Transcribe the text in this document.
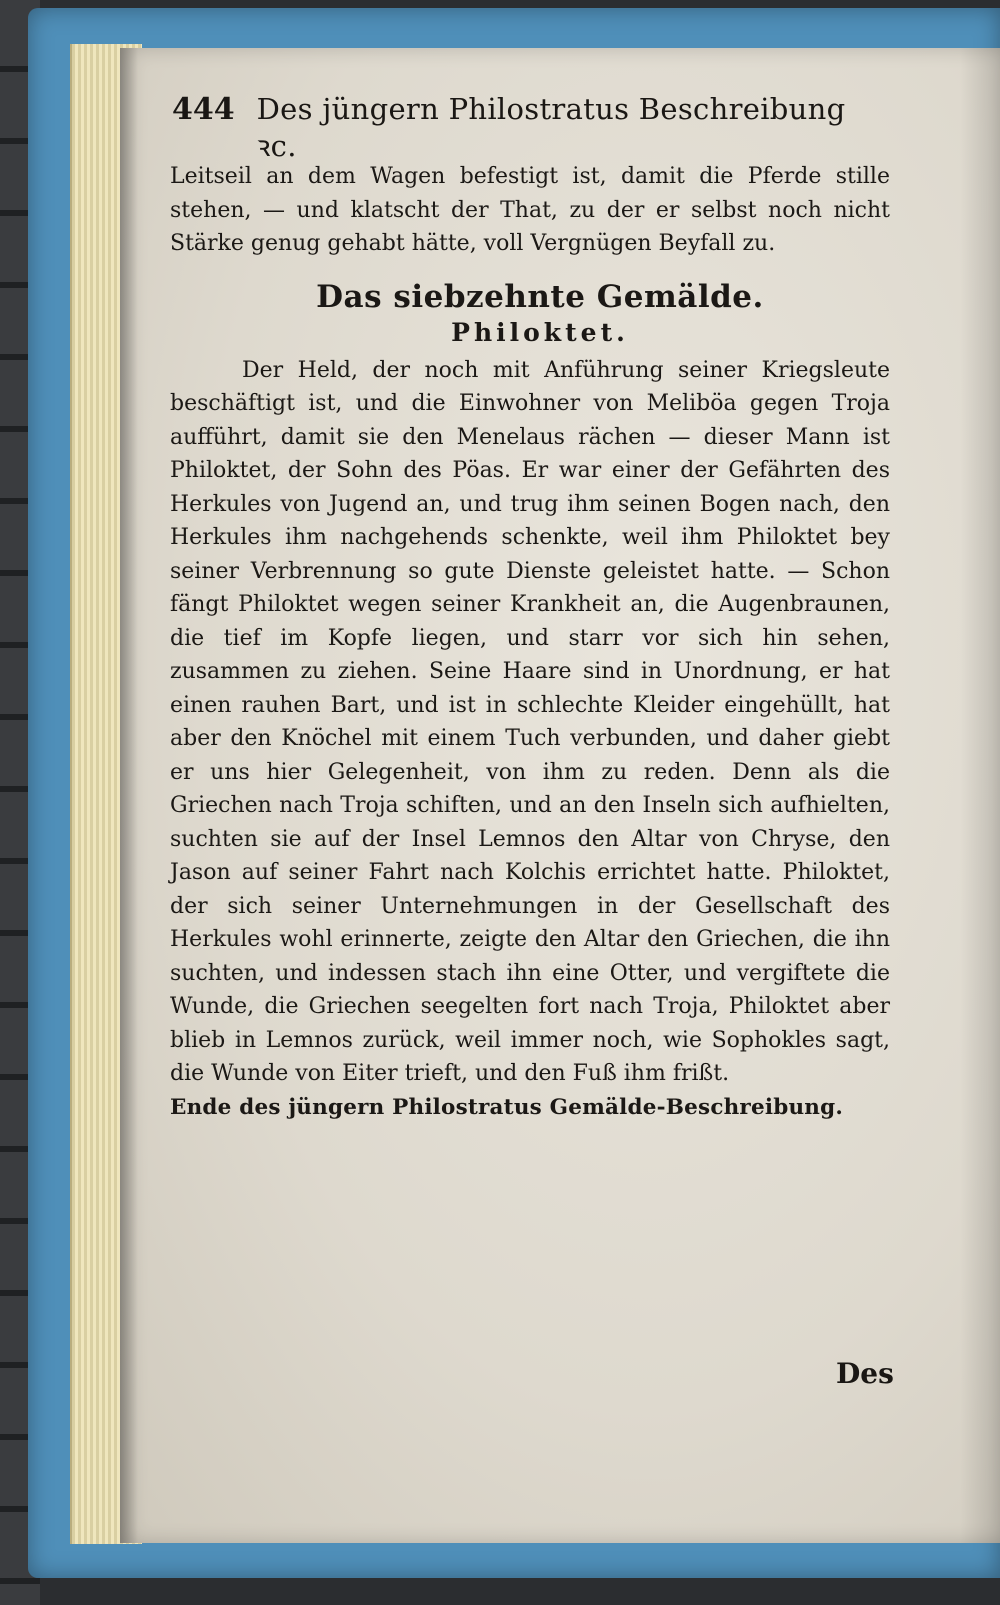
444 Des jüngern Philostratus Beschreibung ꝛc.

Leitseil an dem Wagen befestigt ist, damit die Pferde stille stehen, — und klatscht der That, zu der er selbst noch nicht Stärke genug gehabt hätte, voll Vergnügen Beyfall zu.

Das siebzehnte Gemälde.
Philoktet.

Der Held, der noch mit Anführung seiner Kriegsleute beschäftigt ist, und die Einwohner von Meliböa gegen Troja aufführt, damit sie den Menelaus rächen — dieser Mann ist Philoktet, der Sohn des Pöas. Er war einer der Gefährten des Herkules von Jugend an, und trug ihm seinen Bogen nach, den Herkules ihm nachgehends schenkte, weil ihm Philoktet bey seiner Verbrennung so gute Dienste geleistet hatte. — Schon fängt Philoktet wegen seiner Krankheit an, die Augenbraunen, die tief im Kopfe liegen, und starr vor sich hin sehen, zusammen zu ziehen. Seine Haare sind in Unordnung, er hat einen rauhen Bart, und ist in schlechte Kleider eingehüllt, hat aber den Knöchel mit einem Tuch verbunden, und daher giebt er uns hier Gelegenheit, von ihm zu reden. Denn als die Griechen nach Troja schiften, und an den Inseln sich aufhielten, suchten sie auf der Insel Lemnos den Altar von Chryse, den Jason auf seiner Fahrt nach Kolchis errichtet hatte. Philoktet, der sich seiner Unternehmungen in der Gesellschaft des Herkules wohl erinnerte, zeigte den Altar den Griechen, die ihn suchten, und indessen stach ihn eine Otter, und vergiftete die Wunde, die Griechen seegelten fort nach Troja, Philoktet aber blieb in Lemnos zurück, weil immer noch, wie Sophokles sagt, die Wunde von Eiter trieft, und den Fuß ihm frißt.

Ende des jüngern Philostratus Gemälde-Beschreibung.

Des
